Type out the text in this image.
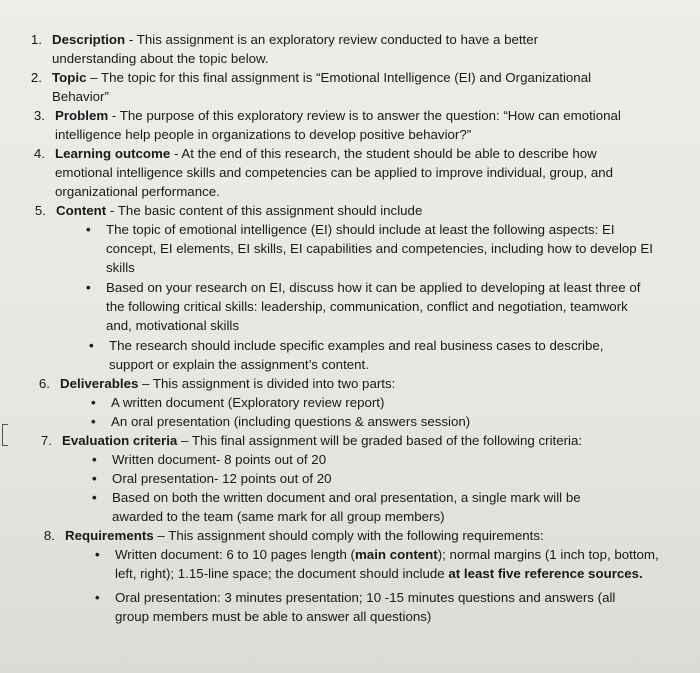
1. Description - This assignment is an exploratory review conducted to have a better understanding about the topic below.
2. Topic – The topic for this final assignment is “Emotional Intelligence (EI) and Organizational Behavior”
3. Problem - The purpose of this exploratory review is to answer the question: “How can emotional intelligence help people in organizations to develop positive behavior?”
4. Learning outcome - At the end of this research, the student should be able to describe how emotional intelligence skills and competencies can be applied to improve individual, group, and organizational performance.
5. Content - The basic content of this assignment should include
• The topic of emotional intelligence (EI) should include at least the following aspects: EI concept, EI elements, EI skills, EI capabilities and competencies, including how to develop EI skills
• Based on your research on EI, discuss how it can be applied to developing at least three of the following critical skills: leadership, communication, conflict and negotiation, teamwork and, motivational skills
• The research should include specific examples and real business cases to describe, support or explain the assignment’s content.
6. Deliverables – This assignment is divided into two parts:
• A written document (Exploratory review report)
• An oral presentation (including questions & answers session)
7. Evaluation criteria – This final assignment will be graded based of the following criteria:
• Written document- 8 points out of 20
• Oral presentation- 12 points out of 20
• Based on both the written document and oral presentation, a single mark will be awarded to the team (same mark for all group members)
8. Requirements – This assignment should comply with the following requirements:
• Written document: 6 to 10 pages length (main content); normal margins (1 inch top, bottom, left, right); 1.15-line space; the document should include at least five reference sources.
• Oral presentation: 3 minutes presentation; 10 -15 minutes questions and answers (all group members must be able to answer all questions)
